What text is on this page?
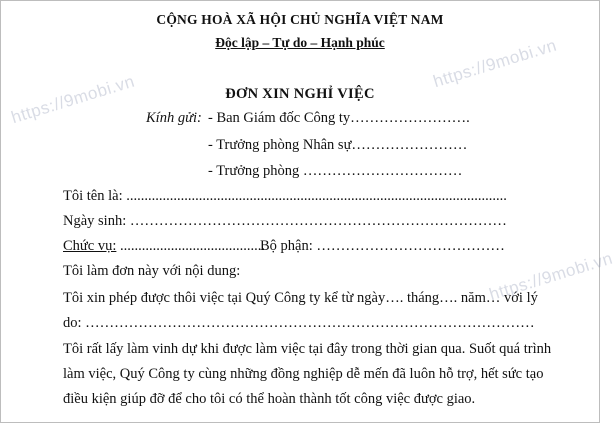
CỘNG HOÀ XÃ HỘI CHỦ NGHĨA VIỆT NAM
Độc lập – Tự do – Hạnh phúc
ĐƠN XIN NGHỈ VIỆC
Kính gửi: - Ban Giám đốc Công ty…………………….
- Trưởng phòng Nhân sự……………………
- Trưởng phòng ……………………………
Tôi tên là: .........................................................................................................
Ngày sinh: ……………………………………………………………………
Chức vụ: ........................................
Bộ phận: …………………………………
Tôi làm đơn này với nội dung:
Tôi xin phép được thôi việc tại Quý Công ty kể từ ngày…. tháng…. năm… với lý
do: …………………………………………………………………………………
Tôi rất lấy làm vinh dự khi được làm việc tại đây trong thời gian qua. Suốt quá trình
làm việc, Quý Công ty cùng những đồng nghiệp dễ mến đã luôn hỗ trợ, hết sức tạo
điều kiện giúp đỡ để cho tôi có thể hoàn thành tốt công việc được giao.
https://9mobi.vn
https://9mobi.vn
https://9mobi.vn
